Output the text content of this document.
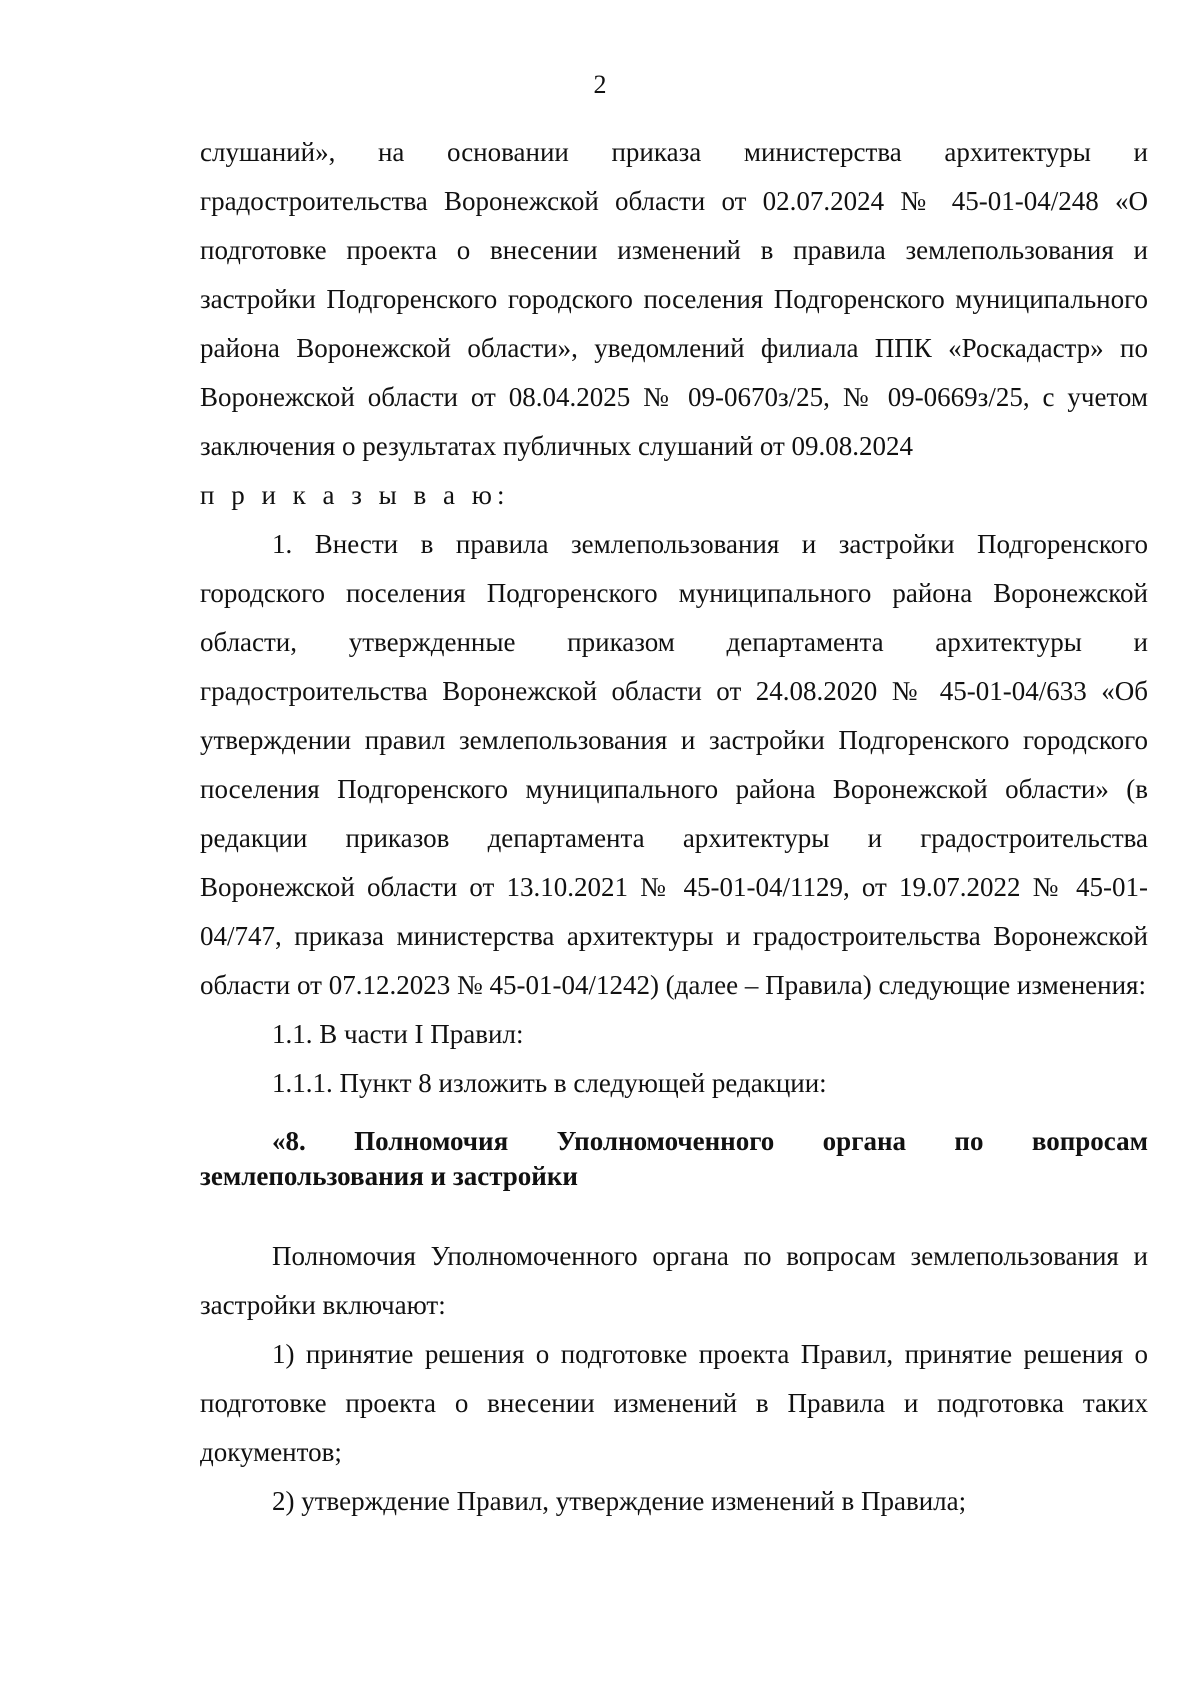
2

слушаний», на основании приказа министерства архитектуры и градостроительства Воронежской области от 02.07.2024 № 45-01-04/248 «О подготовке проекта о внесении изменений в правила землепользования и застройки Подгоренского городского поселения Подгоренского муниципального района Воронежской области», уведомлений филиала ППК «Роскадастр» по Воронежской области от 08.04.2025 № 09-0670з/25, № 09-0669з/25, с учетом заключения о результатах публичных слушаний от 09.08.2024

п р и к а з ы в а ю:

1. Внести в правила землепользования и застройки Подгоренского городского поселения Подгоренского муниципального района Воронежской области, утвержденные приказом департамента архитектуры и градостроительства Воронежской области от 24.08.2020 № 45-01-04/633 «Об утверждении правил землепользования и застройки Подгоренского городского поселения Подгоренского муниципального района Воронежской области» (в редакции приказов департамента архитектуры и градостроительства Воронежской области от 13.10.2021 № 45-01-04/1129, от 19.07.2022 № 45-01-04/747, приказа министерства архитектуры и градостроительства Воронежской области от 07.12.2023 № 45-01-04/1242) (далее – Правила) следующие изменения:

1.1. В части I Правил:

1.1.1. Пункт 8 изложить в следующей редакции:

«8. Полномочия Уполномоченного органа по вопросам землепользования и застройки

Полномочия Уполномоченного органа по вопросам землепользования и застройки включают:

1) принятие решения о подготовке проекта Правил, принятие решения о подготовке проекта о внесении изменений в Правила и подготовка таких документов;

2) утверждение Правил, утверждение изменений в Правила;
